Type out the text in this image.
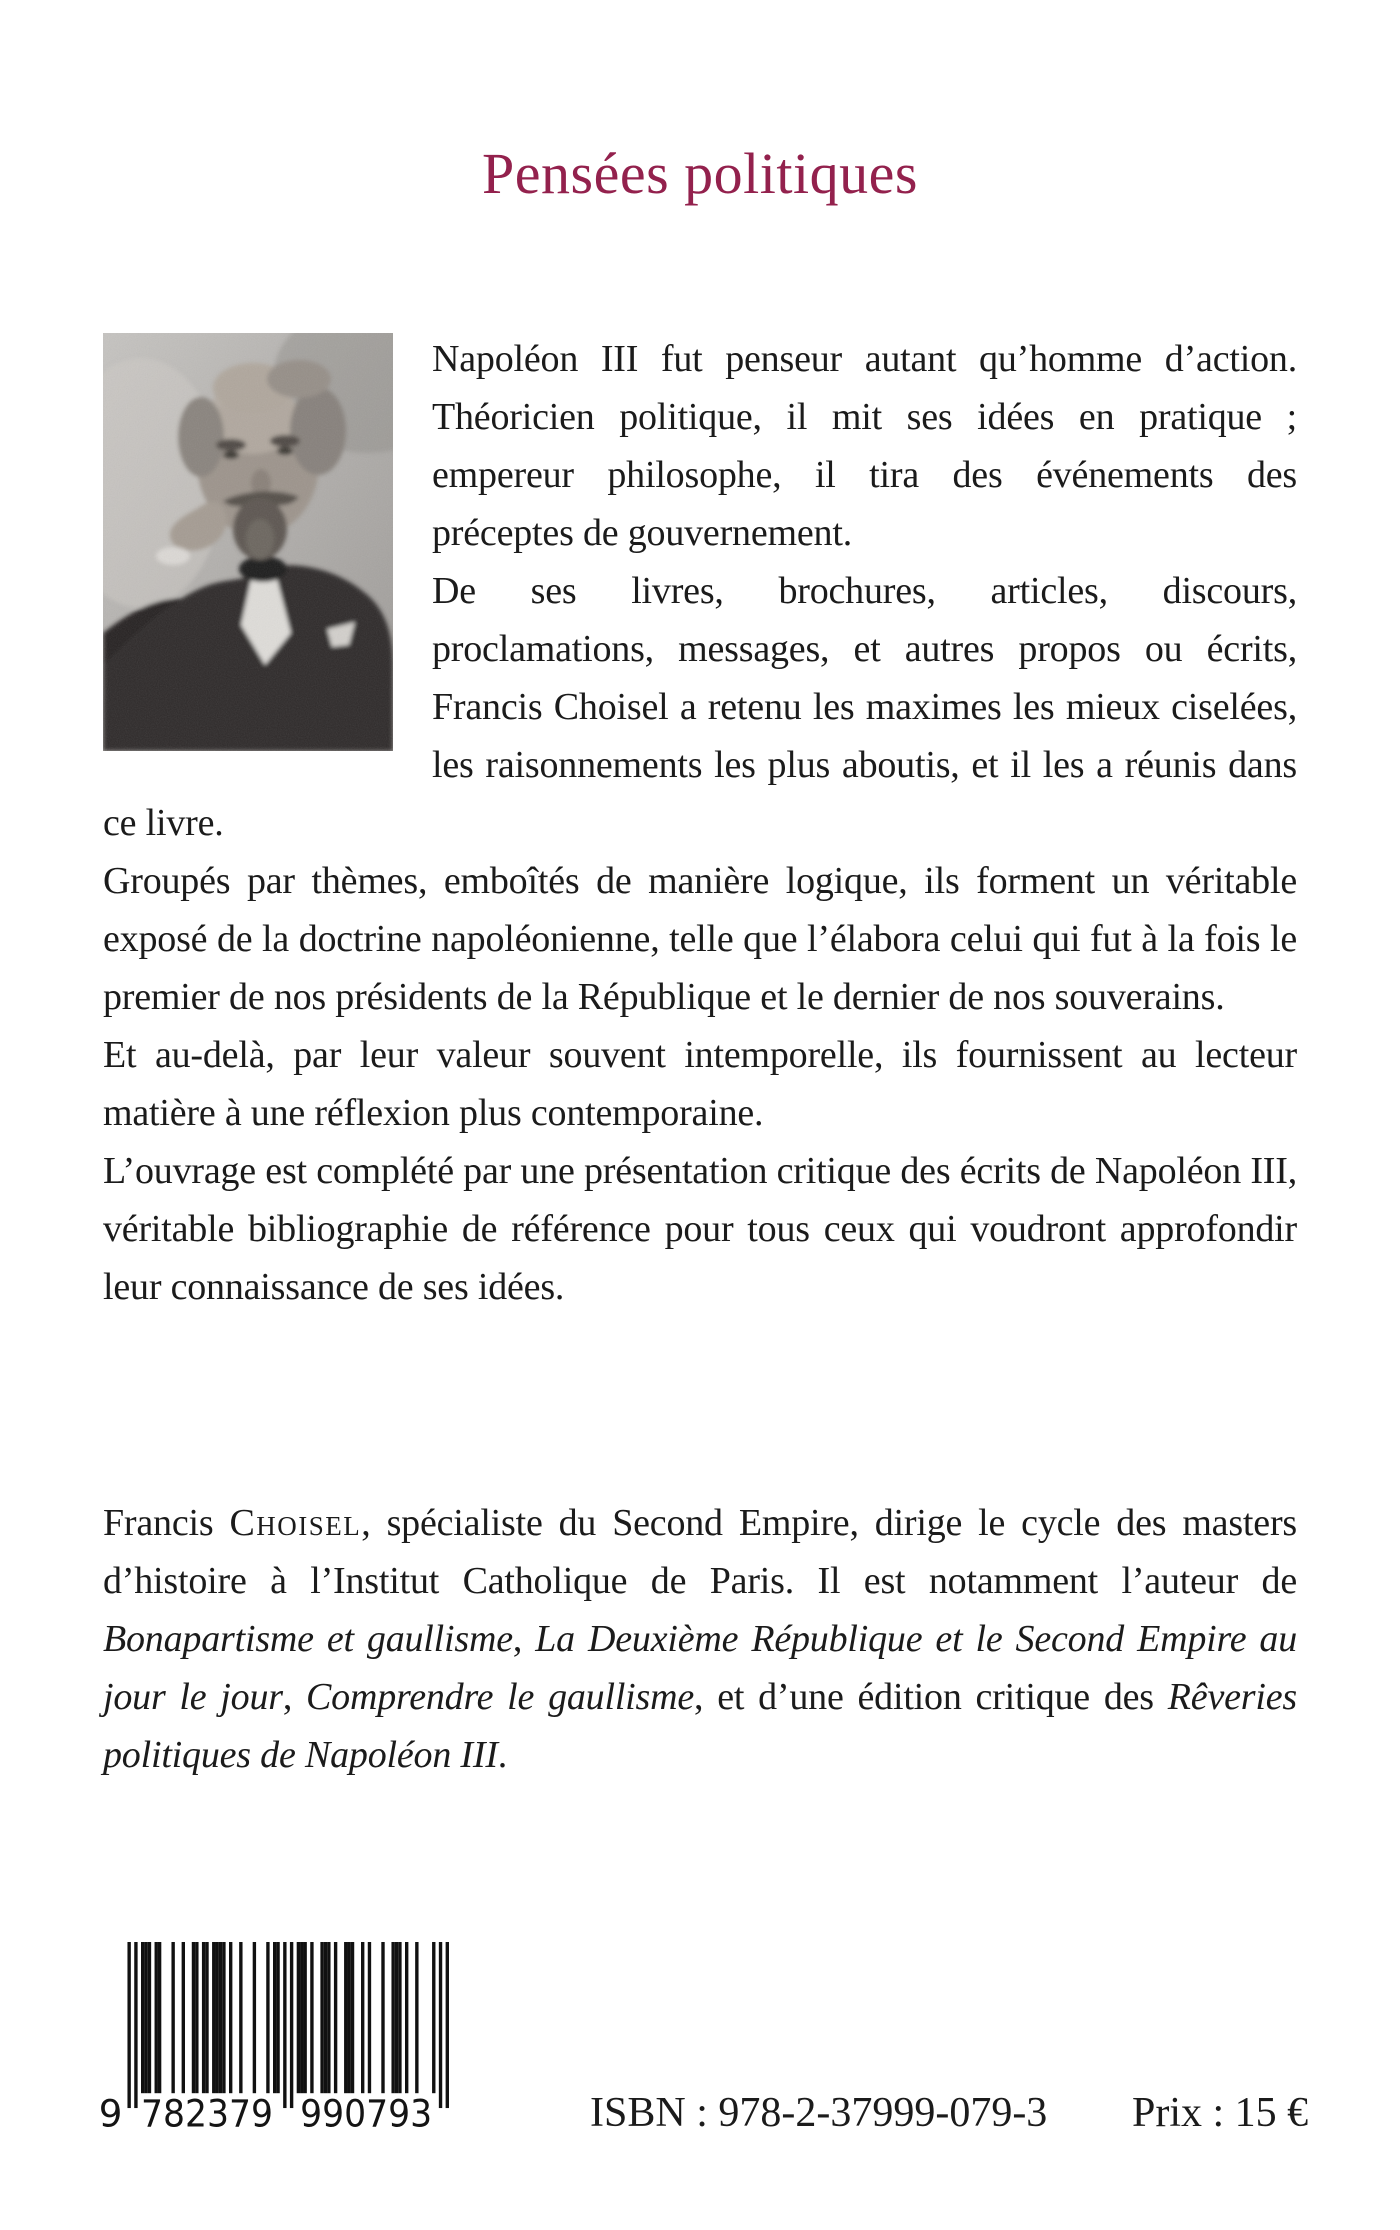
Pensées politiques

Napoléon III fut penseur autant qu’homme d’action. Théoricien politique, il mit ses idées en pratique ; empereur philosophe, il tira des événements des préceptes de gouvernement.

De ses livres, brochures, articles, discours, proclamations, messages, et autres propos ou écrits, Francis Choisel a retenu les maximes les mieux ciselées, les raisonnements les plus aboutis, et il les a réunis dans ce livre.

Groupés par thèmes, emboîtés de manière logique, ils forment un véritable exposé de la doctrine napoléonienne, telle que l’élabora celui qui fut à la fois le premier de nos présidents de la République et le dernier de nos souverains.

Et au-delà, par leur valeur souvent intemporelle, ils fournissent au lecteur matière à une réflexion plus contemporaine.

L’ouvrage est complété par une présentation critique des écrits de Napoléon III, véritable bibliographie de référence pour tous ceux qui voudront approfondir leur connaissance de ses idées.

Francis Choisel, spécialiste du Second Empire, dirige le cycle des masters d’histoire à l’Institut Catholique de Paris. Il est notamment l’auteur de Bonapartisme et gaullisme, La Deuxième République et le Second Empire au jour le jour, Comprendre le gaullisme, et d’une édition critique des Rêveries politiques de Napoléon III.
9 782379 990793	ISBN : 978-2-37999-079-3 Prix : 15 €
